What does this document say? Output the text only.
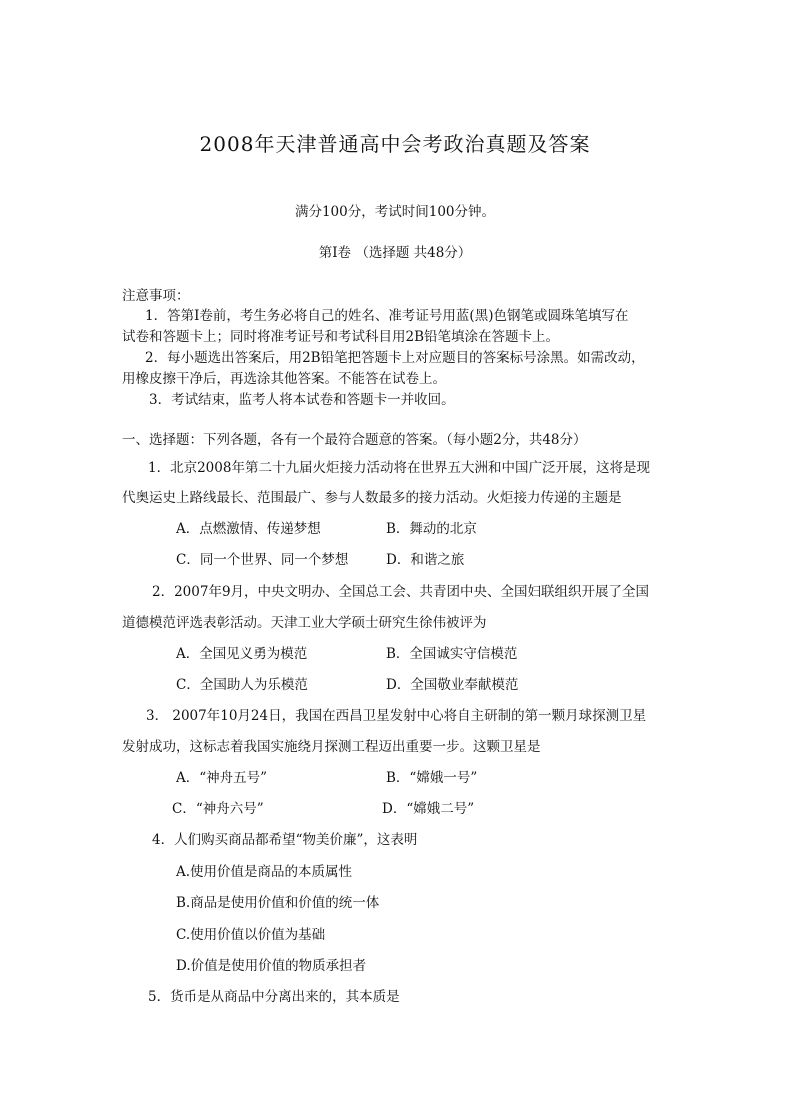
2008年天津普通高中会考政治真题及答案
满分100分，考试时间100分钟。
第Ⅰ卷 （选择题 共48分）
注意事项：
1．答第Ⅰ卷前，考生务必将自己的姓名、准考证号用蓝(黑)色钢笔或圆珠笔填写在
试卷和答题卡上；同时将准考证号和考试科目用2B铅笔填涂在答题卡上。
2．每小题选出答案后，用2B铅笔把答题卡上对应题目的答案标号涂黑。如需改动，
用橡皮擦干净后，再选涂其他答案。不能答在试卷上。
3．考试结束，监考人将本试卷和答题卡一并收回。
一、选择题：下列各题，各有一个最符合题意的答案。（每小题2分，共48分）
1．北京2008年第二十九届火炬接力活动将在世界五大洲和中国广泛开展，这将是现
代奥运史上路线最长、范围最广、参与人数最多的接力活动。火炬接力传递的主题是
A．点燃激情、传递梦想	B．舞动的北京
C．同一个世界、同一个梦想	D．和谐之旅
2．2007年9月，中央文明办、全国总工会、共青团中央、全国妇联组织开展了全国
道德模范评选表彰活动。天津工业大学硕士研究生徐伟被评为
A．全国见义勇为模范	B．全国诚实守信模范
C．全国助人为乐模范	D．全国敬业奉献模范
3． 2007年10月24日，我国在西昌卫星发射中心将自主研制的第一颗月球探测卫星
发射成功，这标志着我国实施绕月探测工程迈出重要一步。这颗卫星是
A．“神舟五号”	B．“嫦娥一号”
C．“神舟六号”	D．“嫦娥二号”
4．人们购买商品都希望“物美价廉”，这表明
A.使用价值是商品的本质属性
B.商品是使用价值和价值的统一体
C.使用价值以价值为基础
D.价值是使用价值的物质承担者
5．货币是从商品中分离出来的，其本质是
